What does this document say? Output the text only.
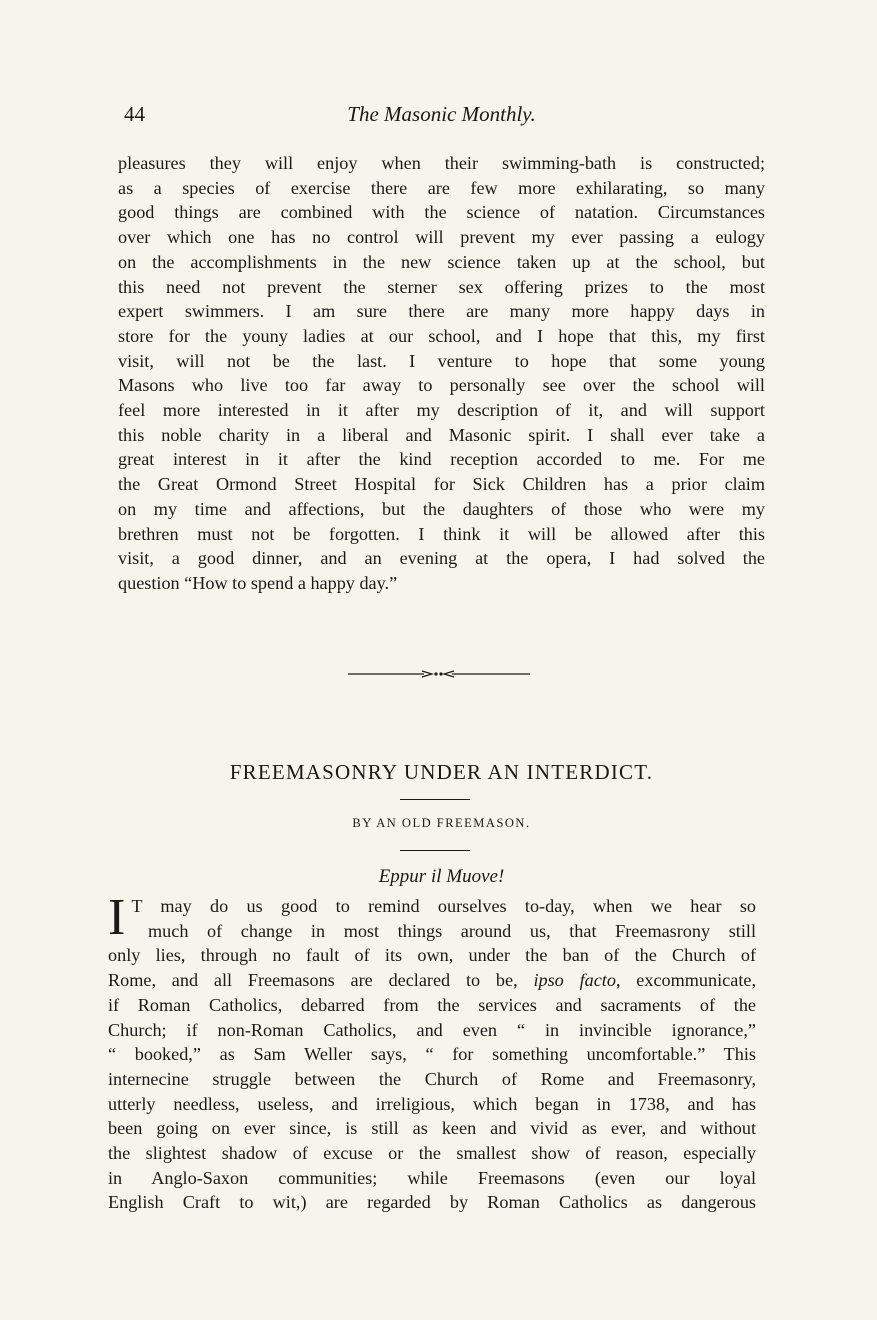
44	The Masonic Monthly.
pleasures they will enjoy when their swimming-bath is constructed;
as a species of exercise there are few more exhilarating, so many
good things are combined with the science of natation. Circumstances
over which one has no control will prevent my ever passing a eulogy
on the accomplishments in the new science taken up at the school, but
this need not prevent the sterner sex offering prizes to the most
expert swimmers. I am sure there are many more happy days in
store for the youny ladies at our school, and I hope that this, my first
visit, will not be the last. I venture to hope that some young
Masons who live too far away to personally see over the school will
feel more interested in it after my description of it, and will support
this noble charity in a liberal and Masonic spirit. I shall ever take a
great interest in it after the kind reception accorded to me. For me
the Great Ormond Street Hospital for Sick Children has a prior claim
on my time and affections, but the daughters of those who were my
brethren must not be forgotten. I think it will be allowed after this
visit, a good dinner, and an evening at the opera, I had solved the
question “How to spend a happy day.”
FREEMASONRY UNDER AN INTERDICT.
BY AN OLD FREEMASON.
Eppur il Muove!
I T may do us good to remind ourselves to-day, when we hear so
much of change in most things around us, that Freemasrony still
only lies, through no fault of its own, under the ban of the Church of
Rome, and all Freemasons are declared to be, ipso facto, excommunicate,
if Roman Catholics, debarred from the services and sacraments of the
Church; if non-Roman Catholics, and even “ in invincible ignorance,”
“ booked,” as Sam Weller says, “ for something uncomfortable.” This
internecine struggle between the Church of Rome and Freemasonry,
utterly needless, useless, and irreligious, which began in 1738, and has
been going on ever since, is still as keen and vivid as ever, and without
the slightest shadow of excuse or the smallest show of reason, especially
in Anglo-Saxon communities; while Freemasons (even our loyal
English Craft to wit,) are regarded by Roman Catholics as dangerous
